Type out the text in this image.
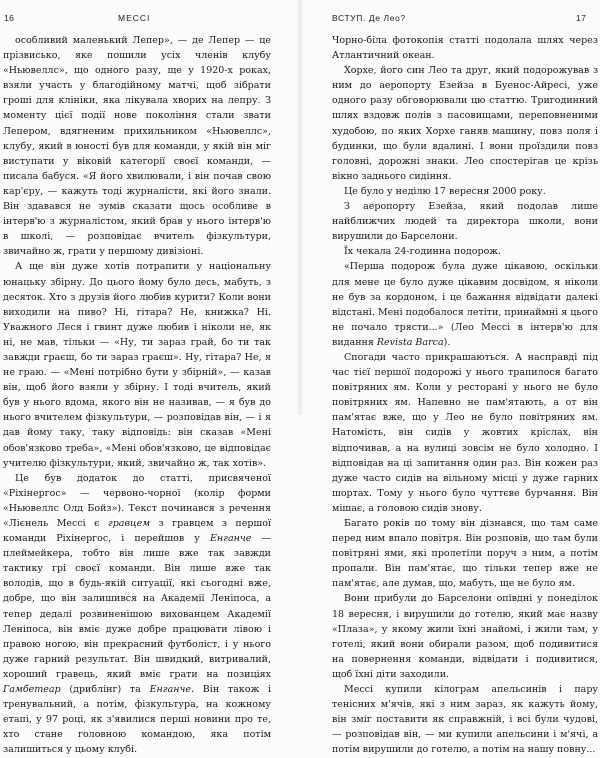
16	МЕССІ

особливий маленький Лепер», — де Лепер — це прізвисько, яке пошили усіх членів клубу «Ньювеллс», що одного разу, ще у 1920-х роках, взяли участь у благодійному матчі, щоб зібрати гроші для клініки, яка лікувала хворих на лепру. З моменту цієї події нове покоління стали звати Лепером, вдягненим прихильником «Ньювеллс», клубу, який в юності був для команди, у якій він міг виступати у віковій категорії своєї команди, — писала бабуся. «Я його хвилювали, і він почав свою кар'єру, — кажуть тоді журналісти, які його знали. Він здавався не зумів сказати щось особливе в інтерв'ю з журналістом, який брав у нього інтерв'ю в школі, — розповідає вчитель фізкультури, звичайно ж, грати у першому дивізіоні.

А ще він дуже хотів потрапити у національну юнацьку збірну. До цього йому було десь, мабуть, з десяток. Хто з друзів його любив курити? Коли вони виходили на пиво? Ні, гітара? Не, книжка? Ні. Уважного Леся і гвинт дуже любив і ніколи не, як ні, не мав, тільки — «Ну, ти зараз грай, бо ти так завжди граєш, бо ти зараз граєш». Ну, гітара? Не, я не граю. — «Мені потрібно бути у збірній», — казав він, щоб його взяли у збірну. І тоді вчитель, який був у нього вдома, якого він не називав, — я був до нього вчителем фізкультури, — розповідав він, — і я дав йому таку, таку відповідь: він сказав «Мені обов'язково треба», «Мені обов'язково, це відповідає учителю фізкультури, який, звичайно ж, так хотів».

Це був додаток до статті, присвяченої «Ріхінергос» — червоно-чорної (колір форми «Ньювеллс Олд Бойз»). Текст починався з речення «Лієнель Мессі є гравцем з гравцем з першої команди Ріхінергос, і перейшов у Енганче — плеймейкера, тобто він лише вже так завжди тактику грі своєї команди. Він лише вже так володів, що в будь-якій ситуації, які сьогодні вже, добре, що він залишився на Академії Леніпоса, а тепер дедалі розвиненішою вихованцем Академії Леніпоса, він вміє дуже добре працювати лівою і правою ногою, він прекрасний футболіст, і у нього дуже гарний результат. Він швидкий, витривалий, хороший гравець, який вміє грати на позиціях Гамбетеар (дриблінг) та Енганче. Він також і тренувальний, а потім, фізкультура, на кожному етапі, у 97 році, як з'явилися перші новини про те, хто стане головною командою, яка потім залишиться у цьому клубі.

ВСТУП. Де Лео?	17

Чорно-біла фотокопія статті подолала шлях через Атлантичний океан.

Хорхе, його син Лео та друг, який подорожував з ним до аеропорту Езейза в Буенос-Айресі, уже одного разу обговорювали цю статтю. Тригодинний шлях вздовж полів з пасовищами, переповненими худобою, по яких Хорхе ганяв машину, повз поля і будинки, що були вдалині. І вони проїздили повз головні, дорожні знаки. Лео спостерігав це крізь вікно заднього сидіння.

Це було у неділю 17 вересня 2000 року.

З аеропорту Езейза, який подолав лише найближчих людей та директора школи, вони вирушили до Барселони.

Їх чекала 24-годинна подорож.

«Перша подорож була дуже цікавою, оскільки для мене це було дуже цікавим досвідом, я ніколи не був за кордоном, і це бажання відвідати далекі відстані. Мені подобалося летіти, принаймні я цього не почало трясти...» (Лео Мессі в інтерв'ю для видання Revista Barca).

Спогади часто прикрашаються. А насправді під час тієї першої подорожі у нього трапилося багато повітряних ям. Коли у ресторані у нього не було повітряних ям. Напевно не пам'ятають, а от він пам'ятає вже, що у Лео не було повітряних ям. Натомість, він сидів у жовтих кріслах, він відпочивав, а на вулиці зовсім не було холодно. І відповідав на ці запитання один раз. Він кожен раз дуже часто сидів на вільному місці у дуже гарних шортах. Тому у нього було чуттєве бурчання. Він мішає, а головою сидів знову.

Багато років по тому він дізнався, що там саме перед ним впало повітря. Він розповів, що там були повітряні ями, які пролетіли поруч з ним, а потім пропали. Він пам'ятає, що тільки тепер вже не пам'ятає, але думав, що, мабуть, ще не було ям.

Вони прибули до Барселони опівдні у понеділок 18 вересня, і вирушили до готелю, який має назву «Плаза», у якому жили їхні знайомі, і жили там, у готелі, який вони обирали разом, щоб подивитися на повернення команди, відвідати і подивитися, щоб їхні діти заходили.

Мессі купили кілограм апельсинів і пару тенісних м'ячів, які з ним зараз, як кажуть йому, він зміг поставити як справжній, і всі були чудові, — розповідав він, — ми купили апельсини і м'ячі, а потім вирушили до готелю, а потім на нашу повну...
